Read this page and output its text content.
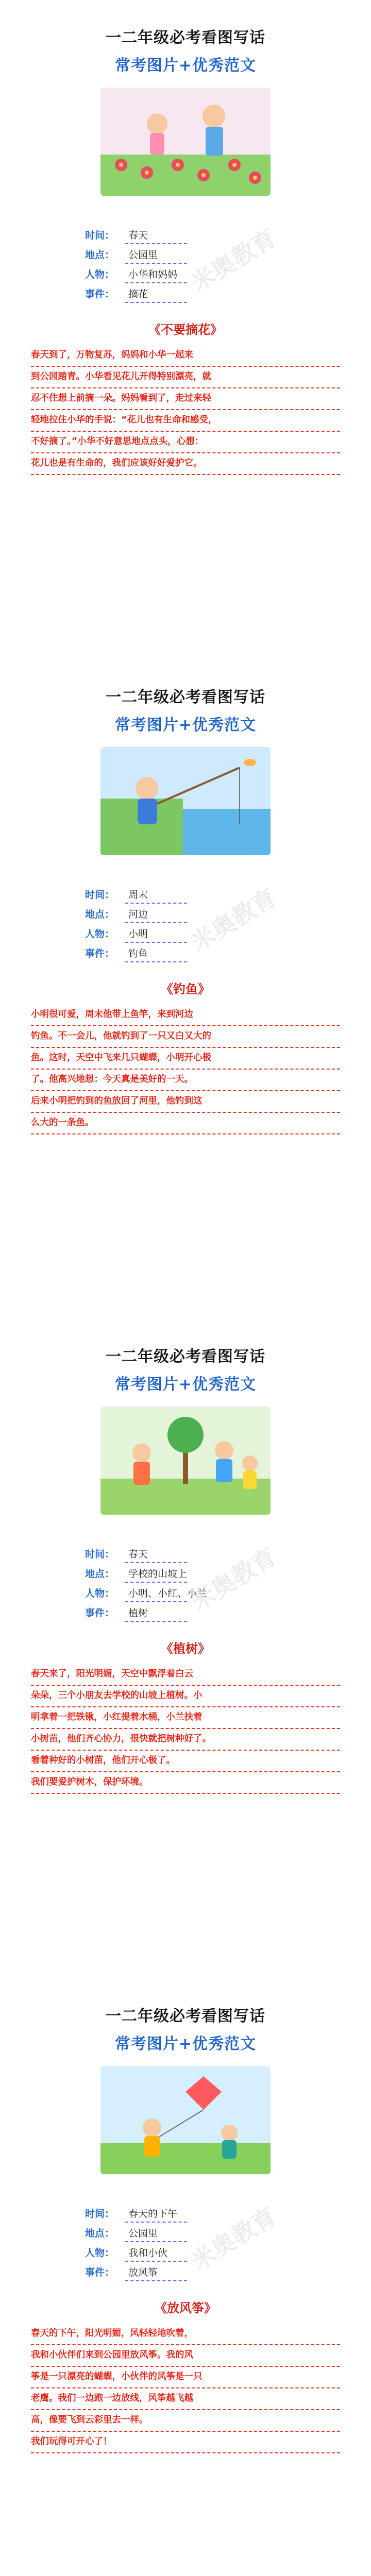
一二年级必考看图写话
常考图片+优秀范文
时间：	春天
地点：	公园里
人物：	小华和妈妈
事件：	摘花
《不要摘花》
春天到了，万物复苏，妈妈和小华一起来
到公园踏青。小华看见花儿开得特别漂亮，就
忍不住想上前摘一朵。妈妈看到了，走过来轻
轻地拉住小华的手说：“花儿也有生命和感受，
不好摘了。”小华不好意思地点点头，心想：
花儿也是有生命的，我们应该好好爱护它。
米奥教育
一二年级必考看图写话
常考图片+优秀范文
时间：	周末
地点：	河边
人物：	小明
事件：	钓鱼
《钓鱼》
小明很可爱，周末他带上鱼竿，来到河边
钓鱼。不一会儿，他就钓到了一只又白又大的
鱼。这时，天空中飞来几只蝴蝶，小明开心极
了。他高兴地想：今天真是美好的一天。
后来小明把钓到的鱼放回了河里，他钓到这
么大的一条鱼。
米奥教育
一二年级必考看图写话
常考图片+优秀范文
时间：	春天
地点：	学校的山坡上
人物：	小明、小红、小兰
事件：	植树
《植树》
春天来了，阳光明媚，天空中飘浮着白云
朵朵，三个小朋友去学校的山坡上植树。小
明拿着一把铁锹，小红提着水桶，小兰扶着
小树苗，他们齐心协力，很快就把树种好了。
看着种好的小树苗，他们开心极了。
我们要爱护树木，保护环境。
米奥教育
一二年级必考看图写话
常考图片+优秀范文
时间：	春天的下午
地点：	公园里
人物：	我和小伙
事件：	放风筝
《放风筝》
春天的下午，阳光明媚，风轻轻地吹着，
我和小伙伴们来到公园里放风筝。我的风
筝是一只漂亮的蝴蝶，小伙伴的风筝是一只
老鹰。我们一边跑一边放线，风筝越飞越
高，像要飞到云彩里去一样。
我们玩得可开心了！
米奥教育
